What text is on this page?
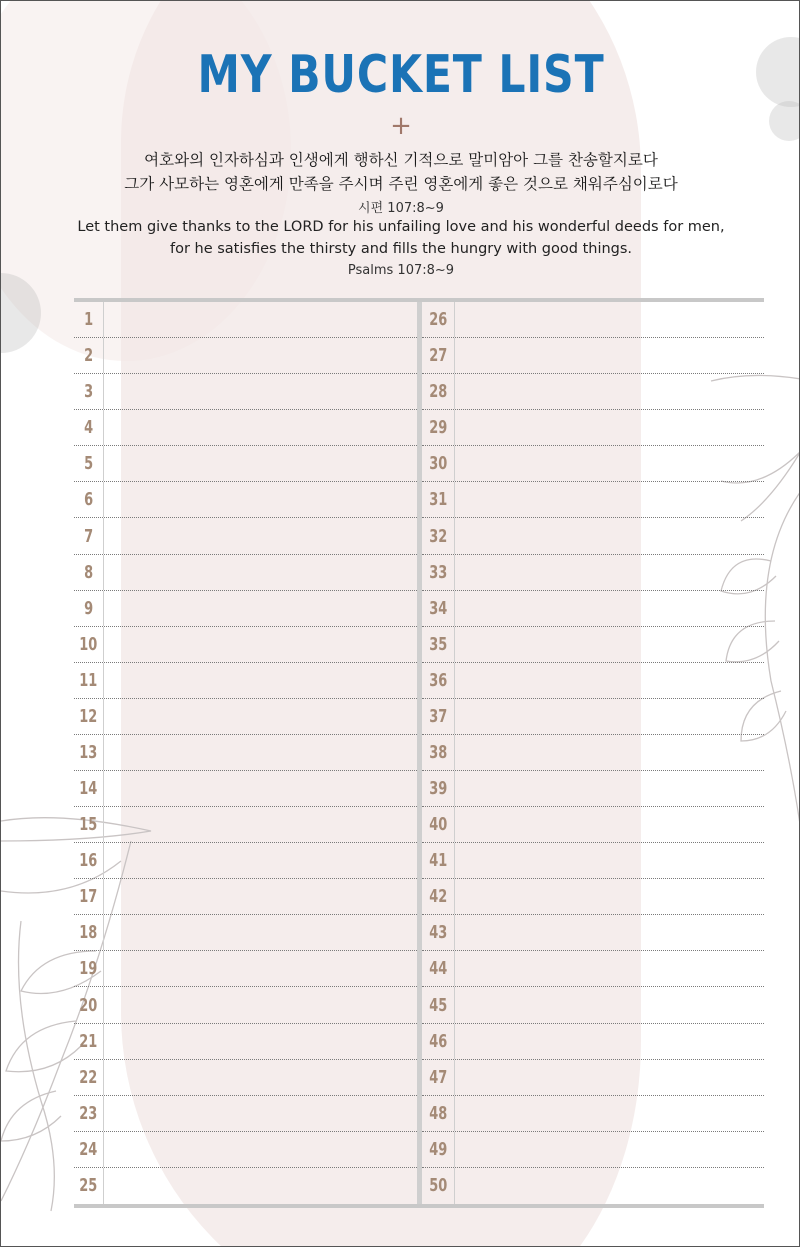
MY BUCKET LIST
+
여호와의 인자하심과 인생에게 행하신 기적으로 말미암아 그를 찬송할지로다
그가 사모하는 영혼에게 만족을 주시며 주린 영혼에게 좋은 것으로 채워주심이로다
시편 107:8~9
Let them give thanks to the LORD for his unfailing love and his wonderful deeds for men,
for he satisfies the thirsty and fills the hungry with good things.
Psalms 107:8~9
1
2
3
4
5
6
7
8
9
10
11
12
13
14
15
16
17
18
19
20
21
22
23
24
25
26
27
28
29
30
31
32
33
34
35
36
37
38
39
40
41
42
43
44
45
46
47
48
49
50
